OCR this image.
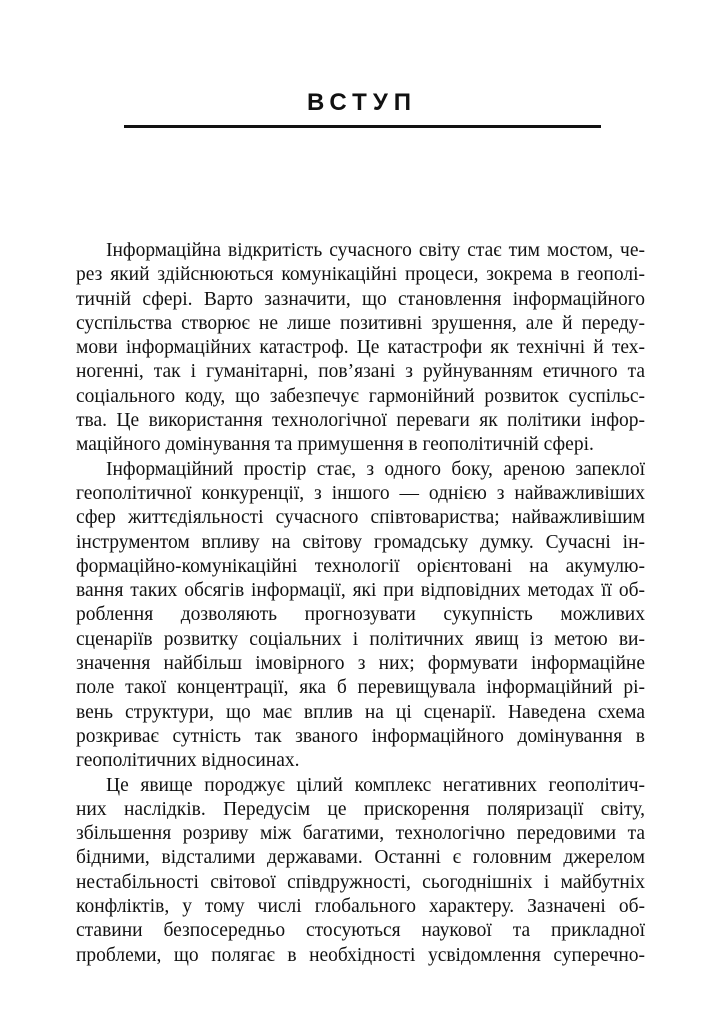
ВСТУП
Інформаційна відкритість сучасного світу стає тим мостом, че-
рез який здійснюються комунікаційні процеси, зокрема в геополі-
тичній сфері. Варто зазначити, що становлення інформаційного
суспільства створює не лише позитивні зрушення, але й переду-
мови інформаційних катастроф. Це катастрофи як технічні й тех-
ногенні, так і гуманітарні, пов’язані з руйнуванням етичного та
соціального коду, що забезпечує гармонійний розвиток суспільс-
тва. Це використання технологічної переваги як політики інфор-
маційного домінування та примушення в геополітичній сфері.
Інформаційний простір стає, з одного боку, ареною запеклої
геополітичної конкуренції, з іншого — однією з найважливіших
сфер життєдіяльності сучасного співтовариства; найважливішим
інструментом впливу на світову громадську думку. Сучасні ін-
формаційно-комунікаційні технології орієнтовані на акумулю-
вання таких обсягів інформації, які при відповідних методах її об-
роблення дозволяють прогнозувати сукупність можливих
сценаріїв розвитку соціальних і політичних явищ із метою ви-
значення найбільш імовірного з них; формувати інформаційне
поле такої концентрації, яка б перевищувала інформаційний рі-
вень структури, що має вплив на ці сценарії. Наведена схема
розкриває сутність так званого інформаційного домінування в
геополітичних відносинах.
Це явище породжує цілий комплекс негативних геополітич-
них наслідків. Передусім це прискорення поляризації світу,
збільшення розриву між багатими, технологічно передовими та
бідними, відсталими державами. Останні є головним джерелом
нестабільності світової співдружності, сьогоднішніх і майбутніх
конфліктів, у тому числі глобального характеру. Зазначені об-
ставини безпосередньо стосуються наукової та прикладної
проблеми, що полягає в необхідності усвідомлення суперечно-
